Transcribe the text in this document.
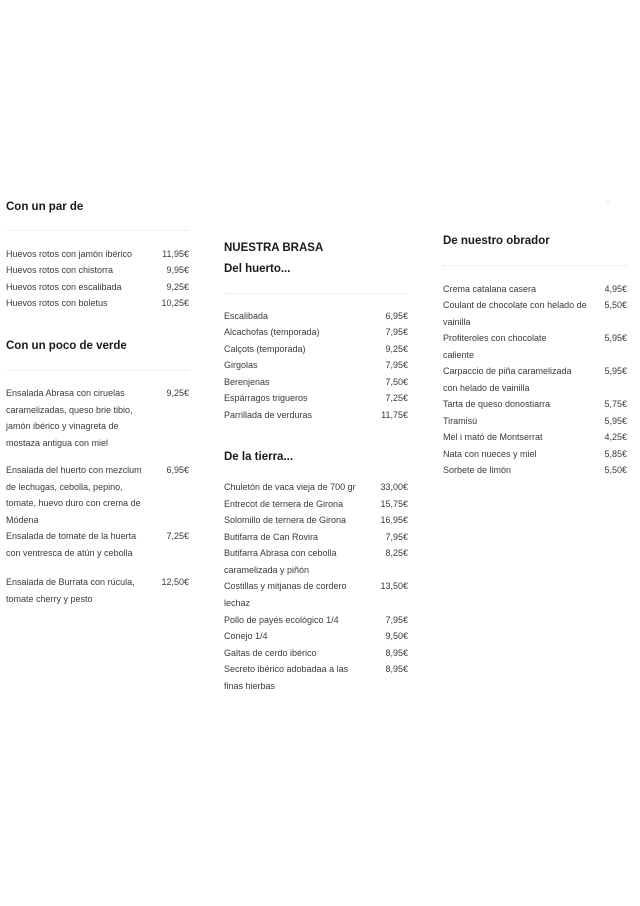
Con un par de
Huevos rotos con jamón ibérico	11,95€
Huevos rotos con chistorra	9,95€
Huevos rotos con escalibada	9,25€
Huevos rotos con boletus	10,25€
Con un poco de verde
Ensalada Abrasa con ciruelas caramelizadas, queso brie tibio, jamón ibérico y vinagreta de mostaza antigua con miel
9,25€
Ensalada del huerto con mezclum de lechugas, cebolla, pepino, tomate, huevo duro con crema de Módena
6,95€
Ensalada de tomate de la huerta con ventresca de atún y cebolla
7,25€
Ensalada de Burrata con rúcula, tomate cherry y pesto
12,50€
NUESTRA BRASA
Del huerto...
Escalibada	6,95€
Alcachofas (temporada)	7,95€
Calçots (temporada)	9,25€
Girgolas	7,95€
Berenjenas	7,50€
Espárragos trigueros	7,25€
Parrillada de verduras	11,75€
De la tierra...
Chuletón de vaca vieja de 700 gr	33,00€
Entrecot de ternera de Girona	15,75€
Solomillo de ternera de Girona	16,95€
Butifarra de Can Rovira	7,95€
Butifarra Abrasa con cebolla caramelizada y piñón
8,25€
Costillas y mitjanas de cordero lechaz
13,50€
Pollo de payés ecológico 1/4	7,95€
Conejo 1/4	9,50€
Galtas de cerdo ibérico	8,95€
Secreto ibérico adobadaa a las finas hierbas
8,95€
De nuestro obrador
Crema catalana casera	4,95€
Coulant de chocolate con helado de vainilla
5,50€
Profiteroles con chocolate caliente
5,95€
Carpaccio de piña caramelizada con helado de vainilla
5,95€
Tarta de queso donostiarra	5,75€
Tiramisú	5,95€
Mel i mató de Montserrat	4,25€
Nata con nueces y miel	5,85€
Sorbete de limón	5,50€
